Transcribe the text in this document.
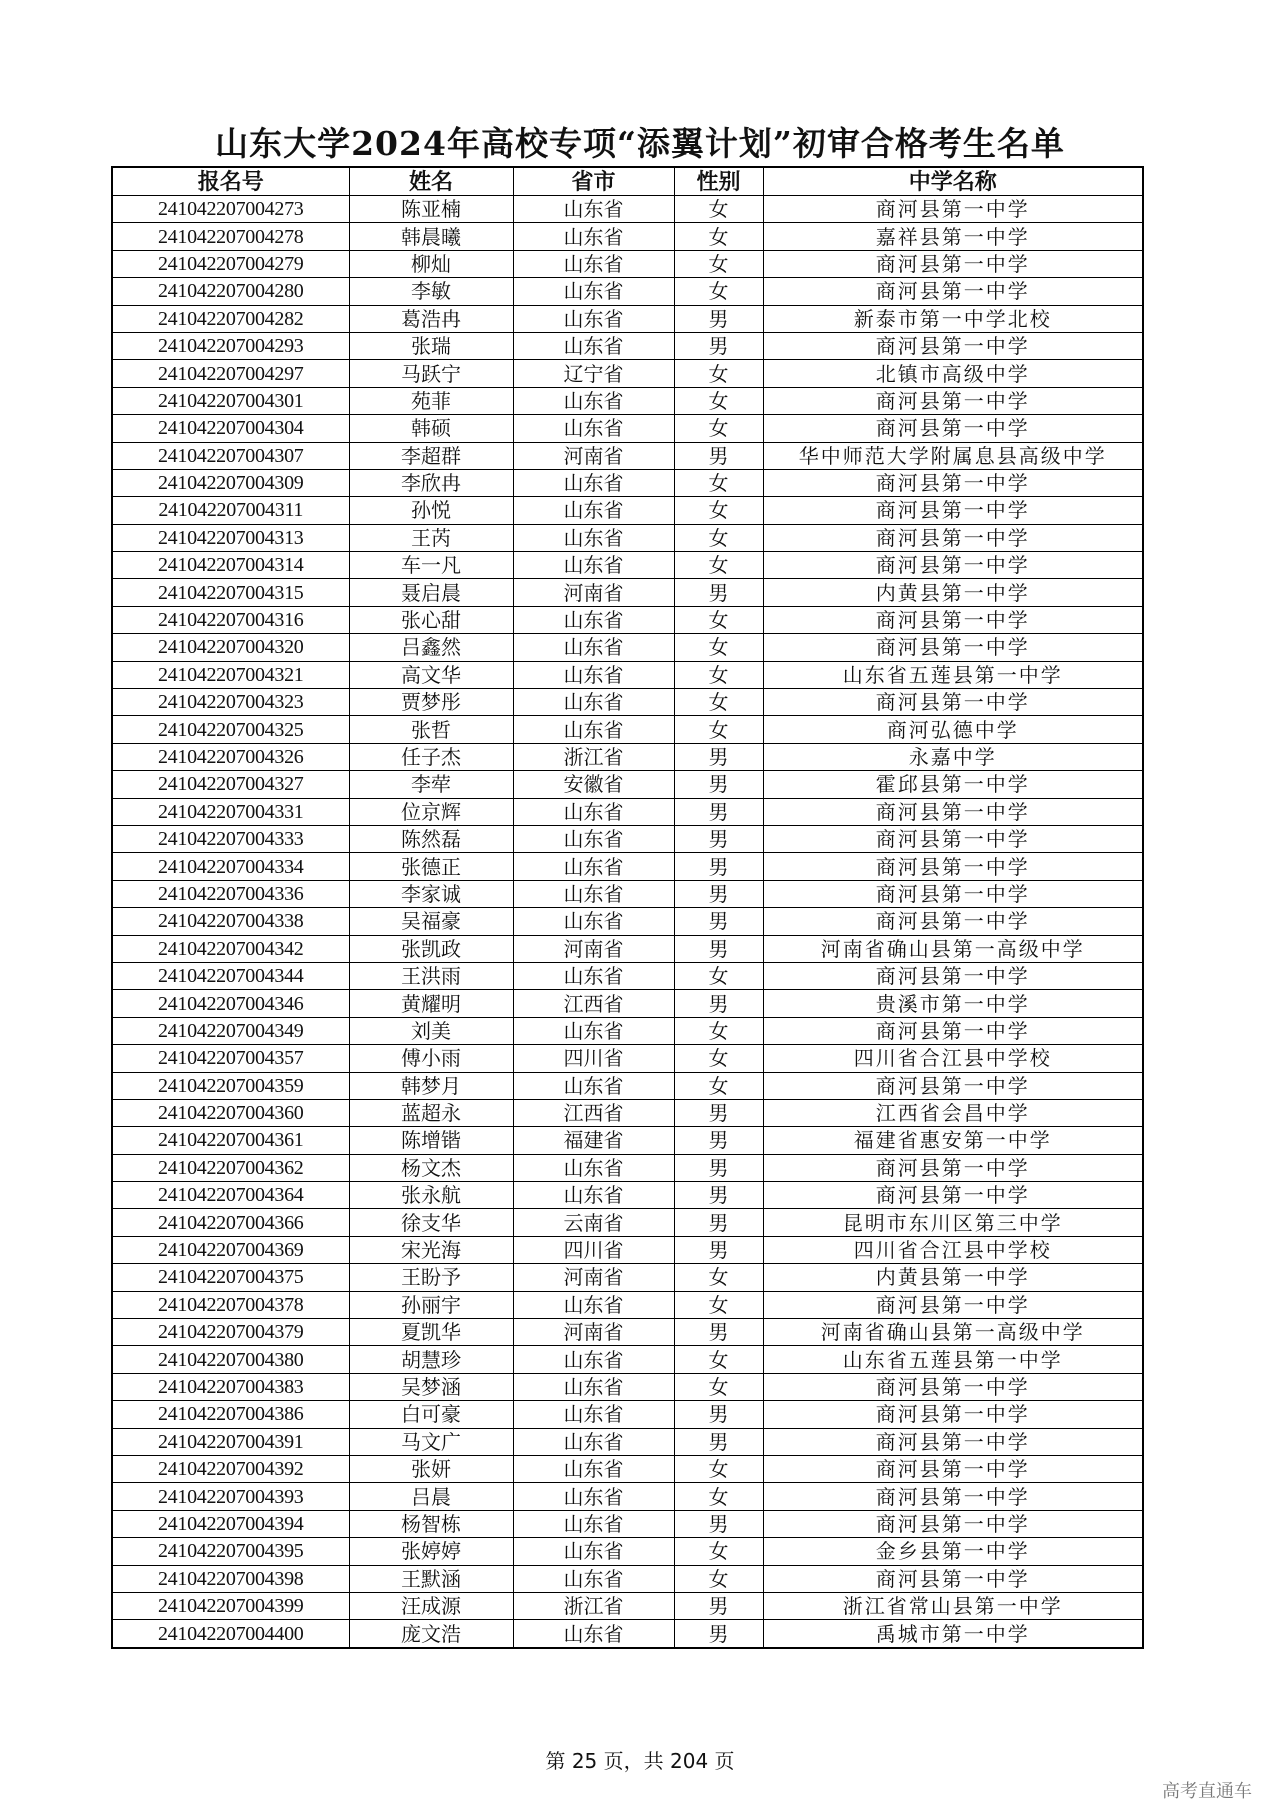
山东大学2024年高校专项“添翼计划”初审合格考生名单
报名号	姓名	省市	性别	中学名称
241042207004273	陈亚楠	山东省	女	商河县第一中学
241042207004278	韩晨曦	山东省	女	嘉祥县第一中学
241042207004279	柳灿	山东省	女	商河县第一中学
241042207004280	李敏	山东省	女	商河县第一中学
241042207004282	葛浩冉	山东省	男	新泰市第一中学北校
241042207004293	张瑞	山东省	男	商河县第一中学
241042207004297	马跃宁	辽宁省	女	北镇市高级中学
241042207004301	苑菲	山东省	女	商河县第一中学
241042207004304	韩硕	山东省	女	商河县第一中学
241042207004307	李超群	河南省	男	华中师范大学附属息县高级中学
241042207004309	李欣冉	山东省	女	商河县第一中学
241042207004311	孙悦	山东省	女	商河县第一中学
241042207004313	王芮	山东省	女	商河县第一中学
241042207004314	车一凡	山东省	女	商河县第一中学
241042207004315	聂启晨	河南省	男	内黄县第一中学
241042207004316	张心甜	山东省	女	商河县第一中学
241042207004320	吕鑫然	山东省	女	商河县第一中学
241042207004321	高文华	山东省	女	山东省五莲县第一中学
241042207004323	贾梦彤	山东省	女	商河县第一中学
241042207004325	张哲	山东省	女	商河弘德中学
241042207004326	任子杰	浙江省	男	永嘉中学
241042207004327	李荦	安徽省	男	霍邱县第一中学
241042207004331	位京辉	山东省	男	商河县第一中学
241042207004333	陈然磊	山东省	男	商河县第一中学
241042207004334	张德正	山东省	男	商河县第一中学
241042207004336	李家诚	山东省	男	商河县第一中学
241042207004338	吴福豪	山东省	男	商河县第一中学
241042207004342	张凯政	河南省	男	河南省确山县第一高级中学
241042207004344	王洪雨	山东省	女	商河县第一中学
241042207004346	黄耀明	江西省	男	贵溪市第一中学
241042207004349	刘美	山东省	女	商河县第一中学
241042207004357	傅小雨	四川省	女	四川省合江县中学校
241042207004359	韩梦月	山东省	女	商河县第一中学
241042207004360	蓝超永	江西省	男	江西省会昌中学
241042207004361	陈增锴	福建省	男	福建省惠安第一中学
241042207004362	杨文杰	山东省	男	商河县第一中学
241042207004364	张永航	山东省	男	商河县第一中学
241042207004366	徐支华	云南省	男	昆明市东川区第三中学
241042207004369	宋光海	四川省	男	四川省合江县中学校
241042207004375	王盼予	河南省	女	内黄县第一中学
241042207004378	孙丽宇	山东省	女	商河县第一中学
241042207004379	夏凯华	河南省	男	河南省确山县第一高级中学
241042207004380	胡慧珍	山东省	女	山东省五莲县第一中学
241042207004383	吴梦涵	山东省	女	商河县第一中学
241042207004386	白可豪	山东省	男	商河县第一中学
241042207004391	马文广	山东省	男	商河县第一中学
241042207004392	张妍	山东省	女	商河县第一中学
241042207004393	吕晨	山东省	女	商河县第一中学
241042207004394	杨智栋	山东省	男	商河县第一中学
241042207004395	张婷婷	山东省	女	金乡县第一中学
241042207004398	王默涵	山东省	女	商河县第一中学
241042207004399	汪成源	浙江省	男	浙江省常山县第一中学
241042207004400	庞文浩	山东省	男	禹城市第一中学
第 25 页，共 204 页
高考直通车
